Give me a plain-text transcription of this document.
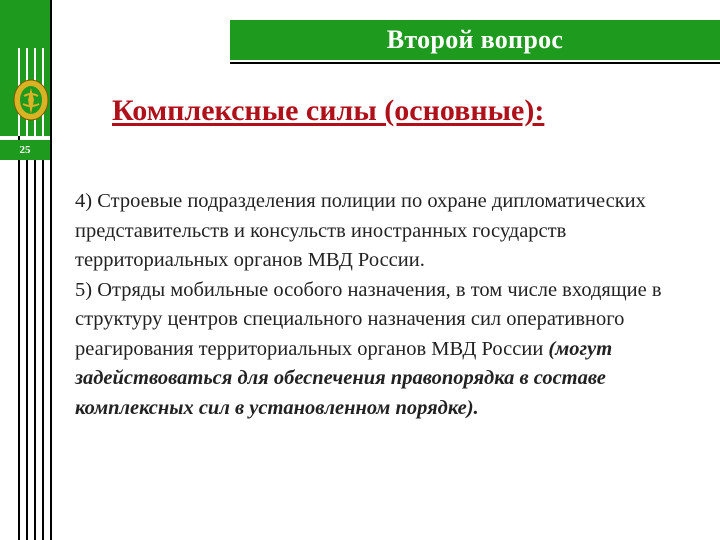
25
Второй вопрос
Комплексные силы (основные):

4) Строевые подразделения полиции по охране дипломатических представительств и консульств иностранных государств территориальных органов МВД России.

5) Отряды мобильные особого назначения, в том числе входящие в структуру центров специального назначения сил оперативного реагирования территориальных органов МВД России (могут задействоваться для обеспечения правопорядка в составе комплексных сил в установленном порядке).
